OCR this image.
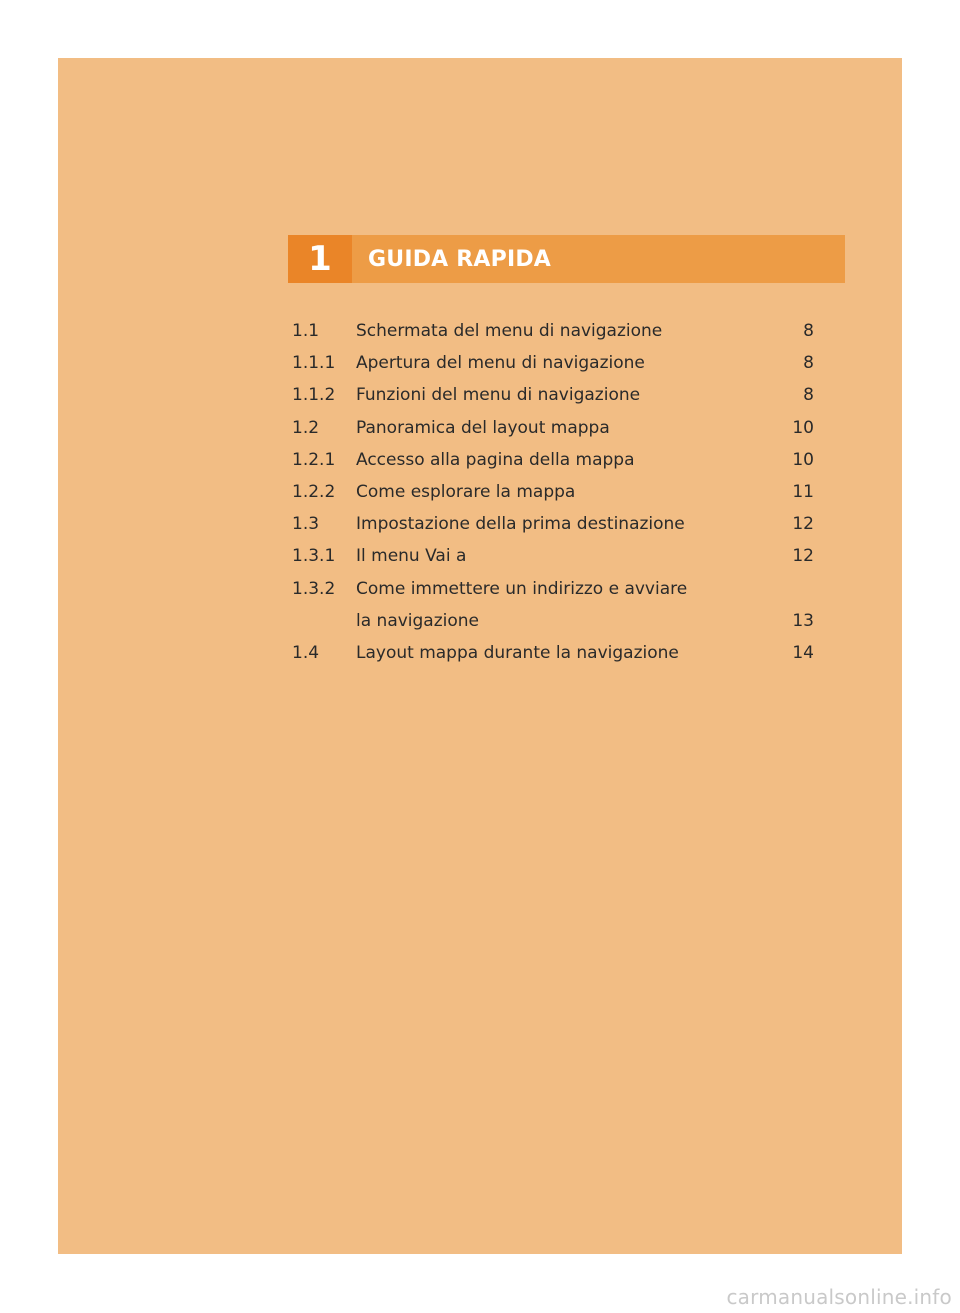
1	GUIDA RAPIDA
1.1	Schermata del menu di navigazione	8
1.1.1	Apertura del menu di navigazione	8
1.1.2	Funzioni del menu di navigazione	8
1.2	Panoramica del layout mappa	10
1.2.1	Accesso alla pagina della mappa	10
1.2.2	Come esplorare la mappa	11
1.3	Impostazione della prima destinazione	12
1.3.1	Il menu Vai a	12
1.3.2	Come immettere un indirizzo e avviare
la navigazione	13
1.4	Layout mappa durante la navigazione	14
carmanualsonline.info
